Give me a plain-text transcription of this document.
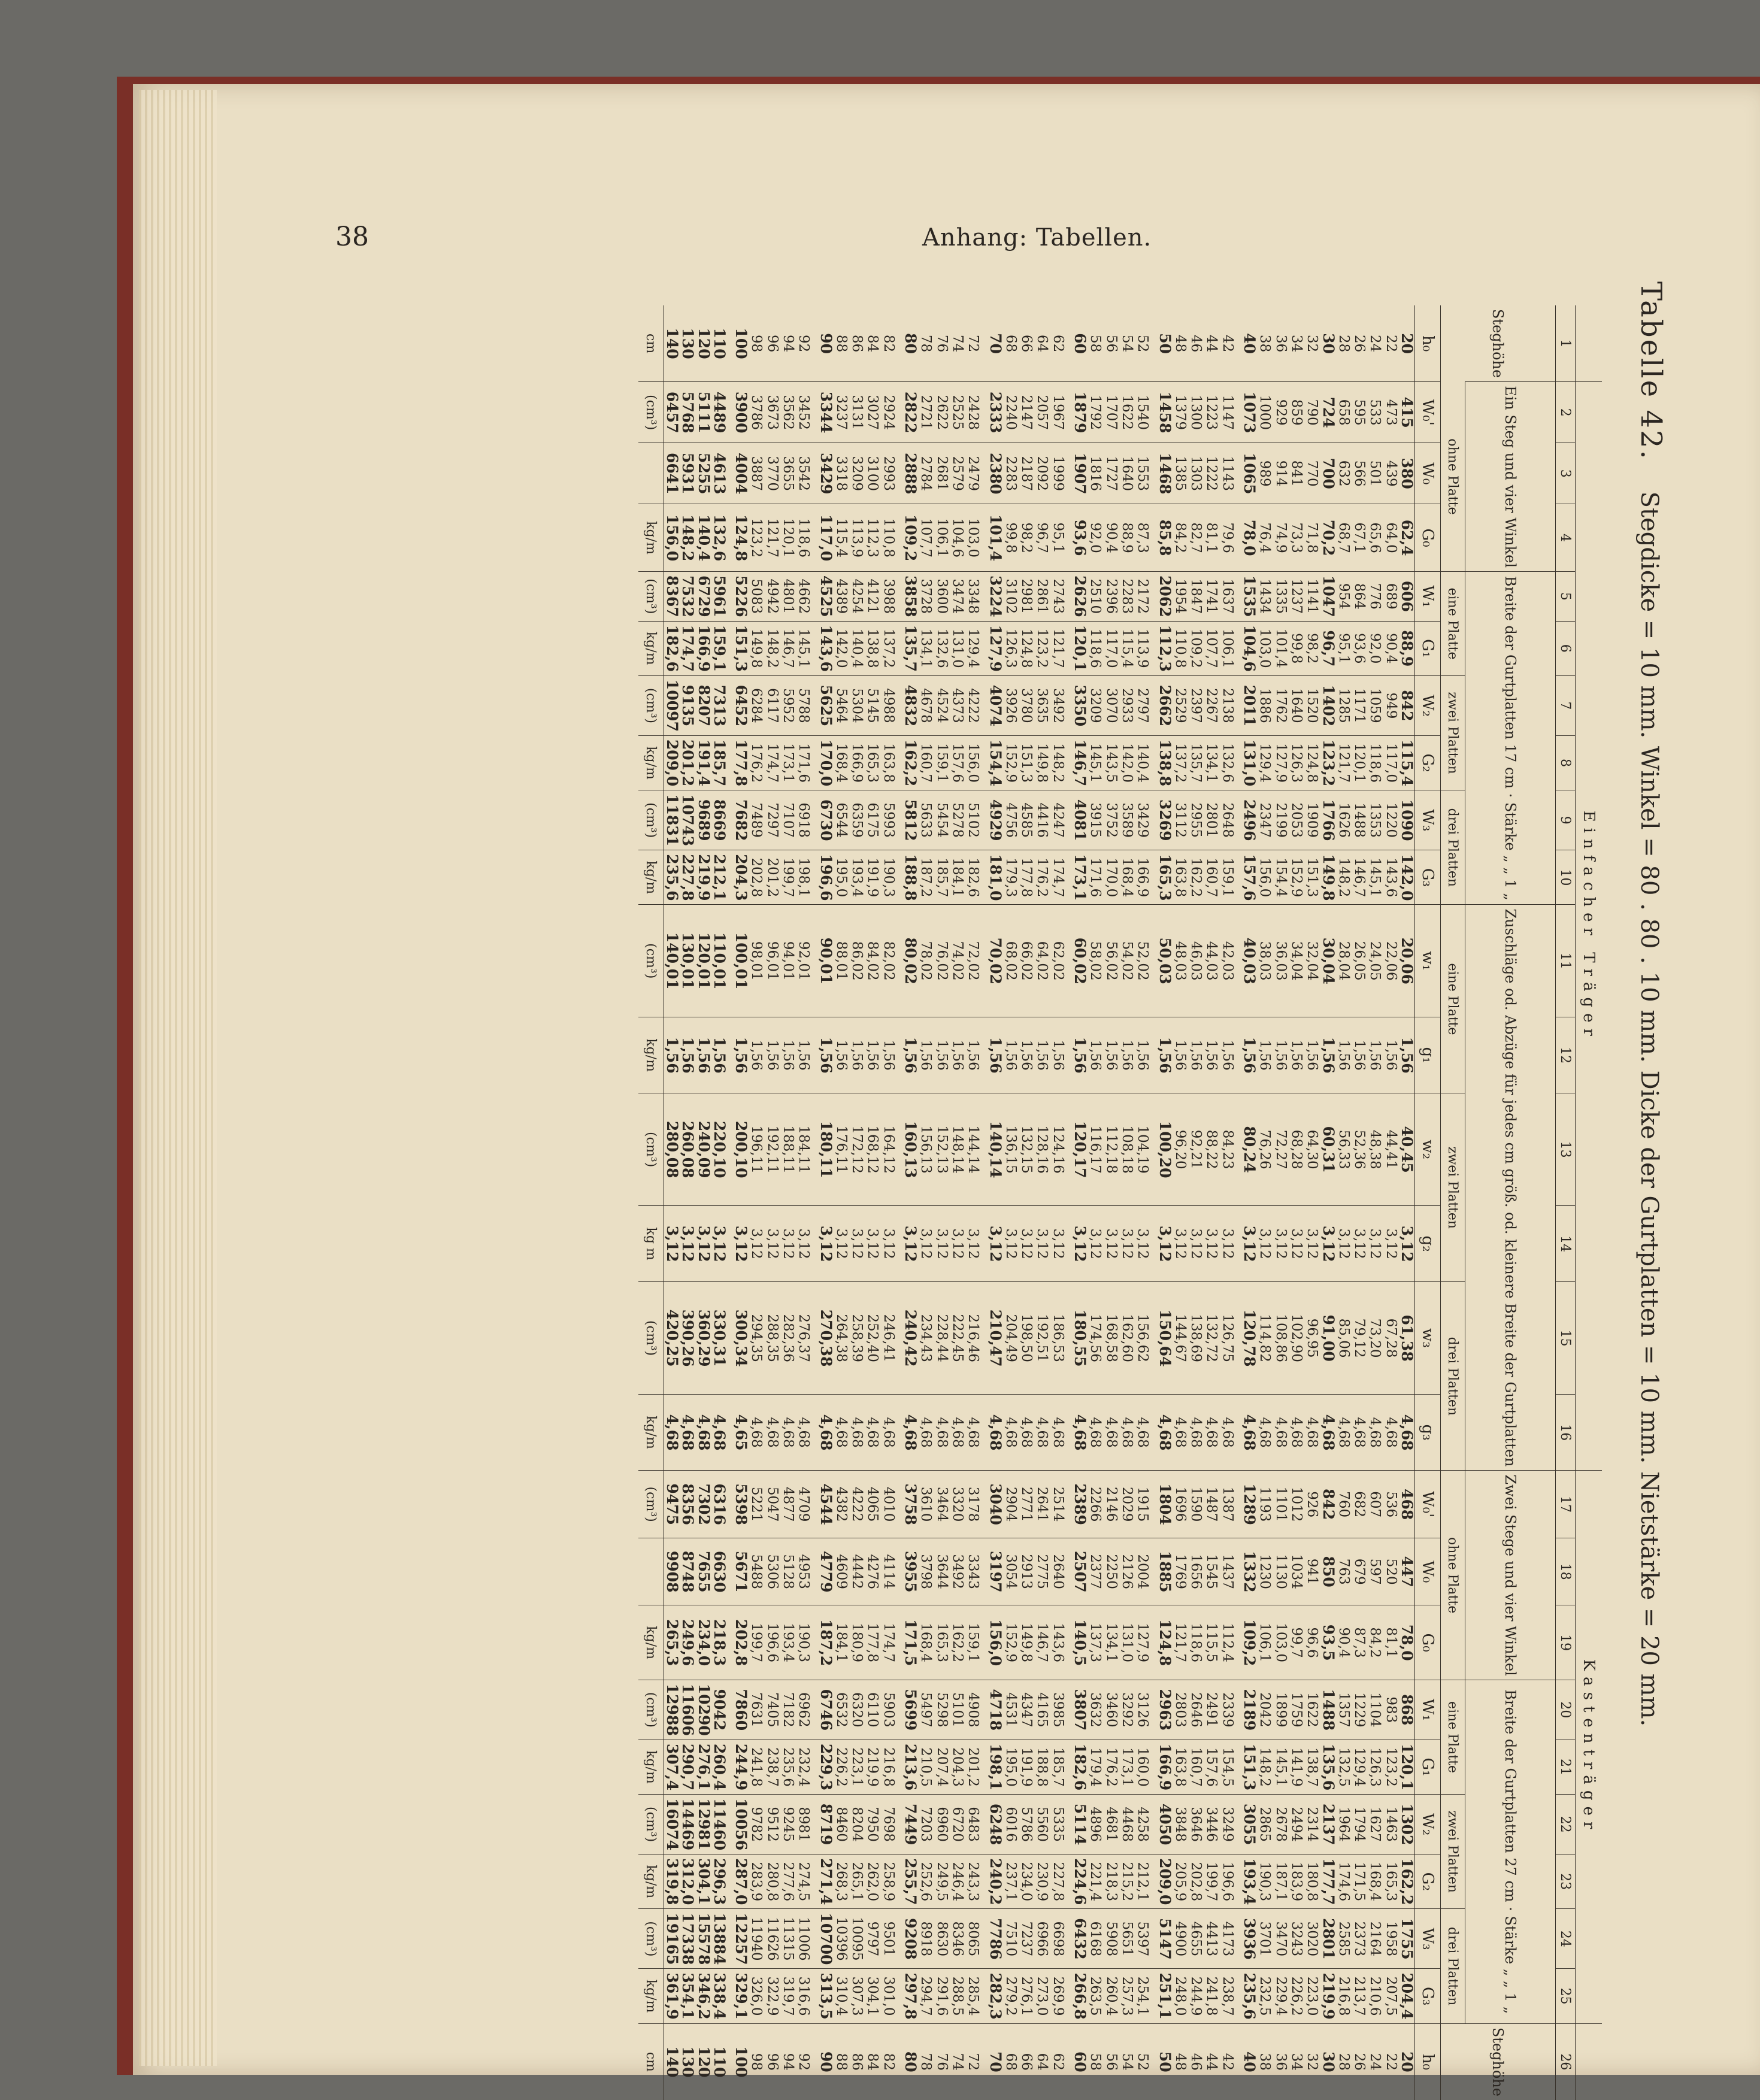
38	Anhang: Tabellen.
Tabelle 42.    Stegdicke = 10 mm. Winkel = 80 . 80 . 10 mm. Dicke der Gurtplatten = 10 mm. Nietstärke = 20 mm.
	Einfacher Träger															Kastenträger									
1	2	3	4	5	6	7	8	9	10	11	12	13	14	15	16	17	18	19	20	21	22	23	24	25	26
Steghöhe	Ein Steg und vier Winkel			Breite der Gurtplatten 17 cm · Stärke „ „ 1 „						Zuschläge od. Abzüge für jedes cm größ. od. kleinere Breite der Gurtplatten						Zwei Stege und vier Winkel			Breite der Gurtplatten 27 cm · Stärke „ „ 1 „						Steghöhe
	ohne Platte			eine Platte		zwei Platten		drei Platten		eine Platte		zwei Platten		drei Platten		ohne Platte			eine Platte		zwei Platten		drei Platten		
h₀	W₀'	W₀	G₀	W₁	G₁	W₂	G₂	W₃	G₃	w₁	g₁	w₂	g₂	w₃	g₃	W₀'	W₀	G₀	W₁	G₁	W₂	G₂	W₃	G₃	h₀
20	415	380	62,4	606	88,9	842	115,4	1090	142,0	20,06	1,56	40,45	3,12	61,38	4,68	468	447	78,0	868	120,1	1302	162,2	1755	204,4	20
22	473	439	64,0	689	90,4	949	117,0	1220	143,6	22,06	1,56	44,41	3,12	67,28	4,68	536	520	81,1	983	123,2	1463	165,3	1958	207,5	22
24	533	501	65,6	776	92,0	1059	118,6	1353	145,1	24,05	1,56	48,38	3,12	73,20	4,68	607	597	84,2	1104	126,3	1627	168,4	2164	210,6	24
26	595	566	67,1	864	93,6	1171	120,1	1488	146,7	26,05	1,56	52,36	3,12	79,12	4,68	682	679	87,3	1229	129,4	1794	171,5	2373	213,7	26
28	658	632	68,7	954	95,1	1285	121,7	1626	148,2	28,04	1,56	56,33	3,12	85,06	4,68	760	763	90,4	1357	132,5	1964	174,6	2585	216,8	28
30	724	700	70,2	1047	96,7	1402	123,2	1766	149,8	30,04	1,56	60,31	3,12	91,00	4,68	842	850	93,5	1488	135,6	2137	177,7	2801	219,9	30
32	790	770	71,8	1141	98,2	1520	124,8	1909	151,3	32,04	1,56	64,30	3,12	96,95	4,68	926	941	96,6	1622	138,7	2314	180,8	3020	223,0	32
34	859	841	73,3	1237	99,8	1640	126,3	2053	152,9	34,04	1,56	68,28	3,12	102,90	4,68	1012	1034	99,7	1759	141,9	2494	183,9	3243	226,2	34
36	929	914	74,9	1335	101,4	1762	127,9	2199	154,4	36,03	1,56	72,27	3,12	108,86	4,68	1101	1130	103,0	1899	145,1	2678	187,1	3470	229,4	36
38	1000	989	76,4	1434	103,0	1886	129,4	2347	156,0	38,03	1,56	76,26	3,12	114,82	4,68	1193	1230	106,1	2042	148,2	2865	190,3	3701	232,5	38
40	1073	1065	78,0	1535	104,6	2011	131,0	2496	157,6	40,03	1,56	80,24	3,12	120,78	4,68	1289	1332	109,2	2189	151,3	3055	193,4	3936	235,6	40
42	1147	1143	79,6	1637	106,1	2138	132,6	2648	159,1	42,03	1,56	84,23	3,12	126,75	4,68	1387	1437	112,4	2339	154,5	3249	196,6	4173	238,7	42
44	1223	1222	81,1	1741	107,7	2267	134,1	2801	160,7	44,03	1,56	88,22	3,12	132,72	4,68	1487	1545	115,5	2491	157,6	3446	199,7	4413	241,8	44
46	1300	1303	82,7	1847	109,2	2397	135,7	2955	162,2	46,03	1,56	92,21	3,12	138,69	4,68	1590	1656	118,6	2646	160,7	3646	202,8	4655	244,9	46
48	1379	1385	84,2	1954	110,8	2529	137,2	3112	163,8	48,03	1,56	96,20	3,12	144,67	4,68	1696	1769	121,7	2803	163,8	3848	205,9	4900	248,0	48
50	1458	1468	85,8	2062	112,3	2662	138,8	3269	165,3	50,03	1,56	100,20	3,12	150,64	4,68	1804	1885	124,8	2963	166,9	4050	209,0	5147	251,1	50
52	1540	1553	87,3	2172	113,9	2797	140,4	3429	166,9	52,02	1,56	104,19	3,12	156,62	4,68	1915	2004	127,9	3126	160,0	4258	212,1	5397	254,1	52
54	1622	1640	88,9	2283	115,4	2933	142,0	3589	168,4	54,02	1,56	108,18	3,12	162,60	4,68	2029	2126	131,0	3292	173,1	4468	215,2	5651	257,3	54
56	1707	1727	90,4	2396	117,0	3070	143,5	3752	170,0	56,02	1,56	112,18	3,12	168,58	4,68	2146	2250	134,1	3460	176,2	4681	218,3	5908	260,4	56
58	1792	1816	92,0	2510	118,6	3209	145,1	3915	171,6	58,02	1,56	116,17	3,12	174,56	4,68	2266	2377	137,3	3632	179,4	4896	221,4	6168	263,5	58
60	1879	1907	93,6	2626	120,1	3350	146,7	4081	173,1	60,02	1,56	120,17	3,12	180,55	4,68	2389	2507	140,5	3807	182,6	5114	224,6	6432	266,8	60
62	1967	1999	95,1	2743	121,7	3492	148,2	4247	174,7	62,02	1,56	124,16	3,12	186,53	4,68	2514	2640	143,6	3985	185,7	5335	227,8	6698	269,9	62
64	2057	2092	96,7	2861	123,2	3635	149,8	4416	176,2	64,02	1,56	128,16	3,12	192,51	4,68	2641	2775	146,7	4165	188,8	5560	230,9	6966	273,0	64
66	2147	2187	98,2	2981	124,8	3780	151,3	4585	177,8	66,02	1,56	132,15	3,12	198,50	4,68	2771	2913	149,8	4347	191,9	5786	234,0	7237	276,1	66
68	2240	2283	99,8	3102	126,3	3926	152,9	4756	179,3	68,02	1,56	136,15	3,12	204,49	4,68	2904	3054	152,9	4531	195,0	6016	237,1	7510	279,2	68
70	2333	2380	101,4	3224	127,9	4074	154,4	4929	181,0	70,02	1,56	140,14	3,12	210,47	4,68	3040	3197	156,0	4718	198,1	6248	240,2	7786	282,3	70
72	2428	2479	103,0	3348	129,4	4222	156,0	5102	182,6	72,02	1,56	144,14	3,12	216,46	4,68	3178	3343	159,1	4908	201,2	6483	243,3	8065	285,4	72
74	2525	2579	104,6	3474	131,0	4373	157,6	5278	184,1	74,02	1,56	148,14	3,12	222,45	4,68	3320	3492	162,2	5101	204,3	6720	246,4	8346	288,5	74
76	2622	2681	106,1	3600	132,6	4524	159,1	5454	185,7	76,02	1,56	152,13	3,12	228,44	4,68	3464	3644	165,3	5298	207,4	6960	249,5	8630	291,6	76
78	2721	2784	107,7	3728	134,1	4678	160,7	5633	187,2	78,02	1,56	156,13	3,12	234,43	4,68	3610	3798	168,4	5497	210,5	7203	252,6	8918	294,7	78
80	2822	2888	109,2	3858	135,7	4832	162,2	5812	188,8	80,02	1,56	160,13	3,12	240,42	4,68	3758	3955	171,5	5699	213,6	7449	255,7	9208	297,8	80
82	2924	2993	110,8	3988	137,2	4988	163,8	5993	190,3	82,02	1,56	164,12	3,12	246,41	4,68	4010	4114	174,7	5903	216,8	7698	258,9	9501	301,0	82
84	3027	3100	112,3	4121	138,8	5145	165,3	6175	191,9	84,02	1,56	168,12	3,12	252,40	4,68	4065	4276	177,8	6110	219,9	7950	262,0	9797	304,1	84
86	3131	3209	113,9	4254	140,4	5304	166,9	6359	193,4	86,02	1,56	172,12	3,12	258,39	4,68	4222	4442	180,9	6320	223,1	8204	265,1	10095	307,3	86
88	3237	3318	115,4	4389	142,0	5464	168,4	6544	195,0	88,01	1,56	176,11	3,12	264,38	4,68	4382	4609	184,1	6532	226,2	8460	268,3	10396	310,4	88
90	3344	3429	117,0	4525	143,6	5625	170,0	6730	196,6	90,01	1,56	180,11	3,12	270,38	4,68	4544	4779	187,2	6746	229,3	8719	271,4	10700	313,5	90
92	3452	3542	118,6	4662	145,1	5788	171,6	6918	198,1	92,01	1,56	184,11	3,12	276,37	4,68	4709	4953	190,3	6962	232,4	8981	274,5	11006	316,6	92
94	3562	3655	120,1	4801	146,7	5952	173,1	7107	199,7	94,01	1,56	188,11	3,12	282,36	4,68	4877	5128	193,4	7182	235,6	9245	277,6	11315	319,7	94
96	3673	3770	121,7	4942	148,2	6117	174,7	7297	201,2	96,01	1,56	192,11	3,12	288,35	4,68	5047	5306	196,6	7405	238,7	9512	280,8	11626	322,9	96
98	3786	3887	123,2	5083	149,8	6284	176,2	7489	202,8	98,01	1,56	196,11	3,12	294,35	4,68	5221	5488	199,7	7631	241,8	9782	283,9	11940	326,0	98
100	3900	4004	124,8	5226	151,3	6452	177,8	7682	204,3	100,01	1,56	200,10	3,12	300,34	4,65	5398	5671	202,8	7860	244,9	10056	287,0	12257	329,1	100
110	4489	4613	132,6	5961	159,1	7313	185,7	8669	212,1	110,01	1,56	220,10	3,12	330,31	4,68	6316	6630	218,3	9042	260,4	11460	296,3	13884	338,4	110
120	5111	5255	140,4	6729	166,9	8207	191,4	9689	219,9	120,01	1,56	240,09	3,12	360,29	4,68	7302	7655	234,0	10290	276,1	12981	304,1	15578	346,2	120
130	5768	5931	148,2	7532	174,7	9135	201,2	10743	227,8	130,01	1,56	260,08	3,12	390,26	4,68	8356	8748	249,6	11606	290,7	14469	312,0	17338	354,1	130
140	6457	6641	156,0	8367	182,6	10097	209,0	11831	235,6	140,01	1,56	280,08	3,12	420,25	4,68	9475	9908	265,3	12988	307,4	16074	319,8	19165	361,9	140
cm	(cm³)		kg/m	(cm³)	kg/m	(cm³)	kg/m	(cm³)	kg/m	(cm³)	kg/m	(cm³)	kg m	(cm³)	kg/m	(cm³)		kg/m	(cm³)	kg/m	(cm³)	kg/m	(cm³)	kg/m	cm
